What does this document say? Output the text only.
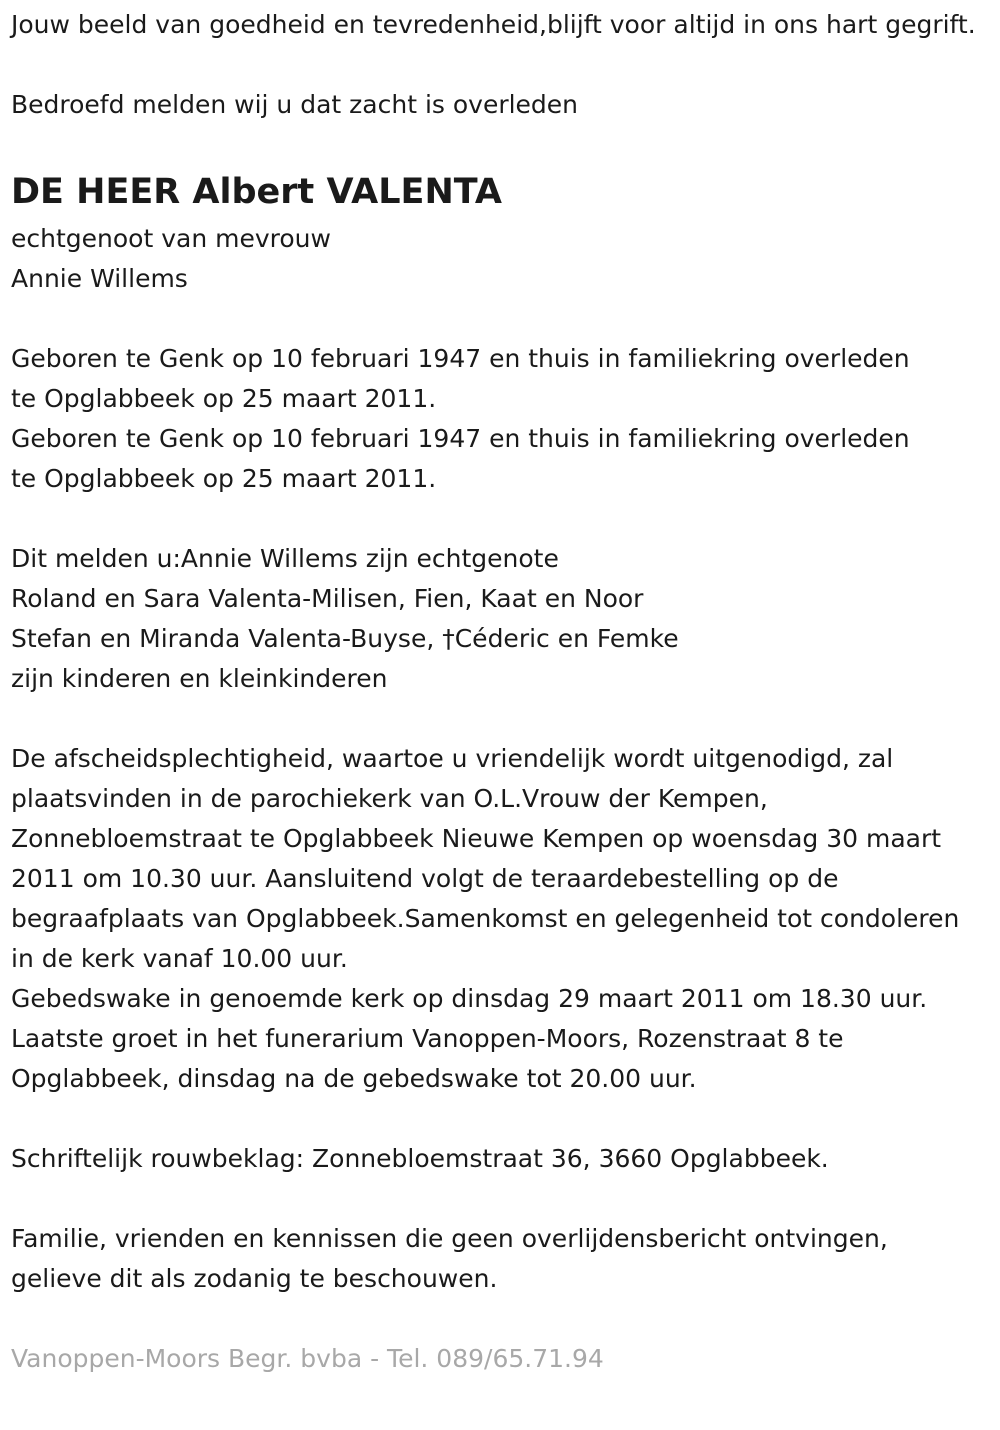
Jouw beeld van goedheid en tevredenheid,blijft voor altijd in ons hart gegrift.

Bedroefd melden wij u dat zacht is overleden

DE HEER Albert VALENTA

echtgenoot van mevrouw

Annie Willems

Geboren te Genk op 10 februari 1947 en thuis in familiekring overleden

te Opglabbeek op 25 maart 2011.

Geboren te Genk op 10 februari 1947 en thuis in familiekring overleden

te Opglabbeek op 25 maart 2011.

Dit melden u:Annie Willems zijn echtgenote

Roland en Sara Valenta-Milisen, Fien, Kaat en Noor

Stefan en Miranda Valenta-Buyse, †Céderic en Femke

zijn kinderen en kleinkinderen

De afscheidsplechtigheid, waartoe u vriendelijk wordt uitgenodigd, zal plaatsvinden in de parochiekerk van O.L.Vrouw der Kempen, Zonnebloemstraat te Opglabbeek Nieuwe Kempen op woensdag 30 maart 2011 om 10.30 uur. Aansluitend volgt de teraardebestelling op de begraafplaats van Opglabbeek.Samenkomst en gelegenheid tot condoleren in de kerk vanaf 10.00 uur.

Gebedswake in genoemde kerk op dinsdag 29 maart 2011 om 18.30 uur.

Laatste groet in het funerarium Vanoppen-Moors, Rozenstraat 8 te Opglabbeek, dinsdag na de gebedswake tot 20.00 uur.

Schriftelijk rouwbeklag: Zonnebloemstraat 36, 3660 Opglabbeek.

Familie, vrienden en kennissen die geen overlijdensbericht ontvingen, gelieve dit als zodanig te beschouwen.

Vanoppen-Moors Begr. bvba - Tel. 089/65.71.94
